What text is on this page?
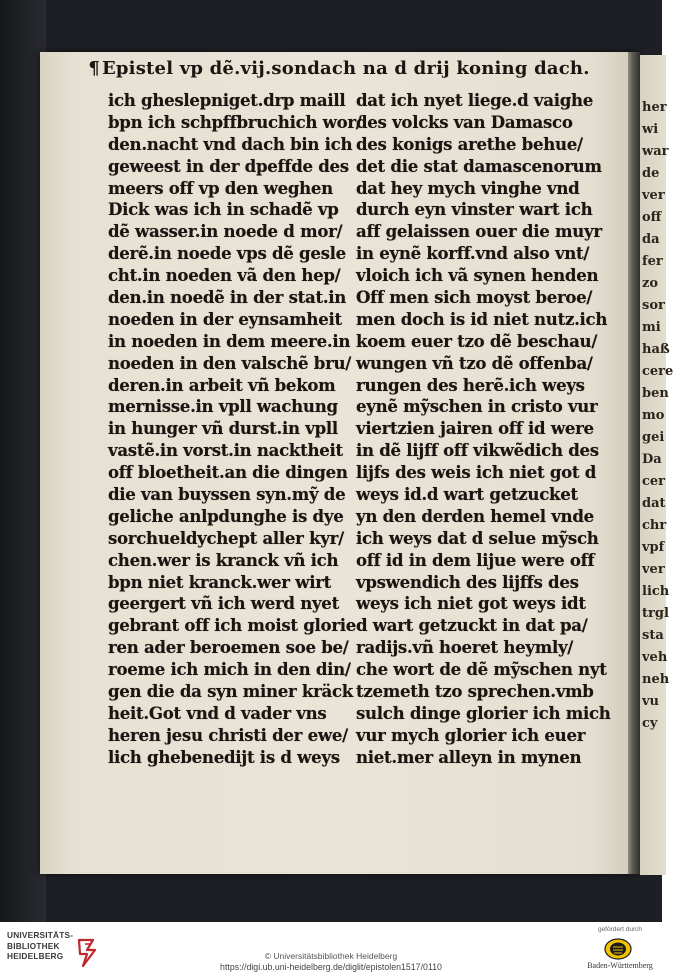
¶ Epistel vp dẽ.vij.sondach na d drij koning dach.
ich gheslepniget.drp maill
bpn ich schpffbruchich wor/
den.nacht vnd dach bin ich
geweest in der dpeffde des
meers off vp den weghen
Dick was ich in schadẽ vp
dẽ wasser.in noede d mor/
derẽ.in noede vps dẽ gesle
cht.in noeden vã den hep/
den.in noedẽ in der stat.in
noeden in der eynsamheit
in noeden in dem meere.in
noeden in den valschẽ bru/
deren.in arbeit vñ bekom
mernisse.in vpll wachung
in hunger vñ durst.in vpll
vastẽ.in vorst.in nacktheit
off bloetheit.an die dingen
die van buyssen syn.mỹ de
geliche anlpdunghe is dye
sorchueldychept aller kyr/
chen.wer is kranck vñ ich
bpn niet kranck.wer wirt
geergert vñ ich werd nyet
gebrant off ich moist glorie
ren ader beroemen soe be/
roeme ich mich in den din/
gen die da syn miner kräck
heit.Got vnd d vader vns
heren jesu christi der ewe/
lich ghebenedijt is d weys
dat ich nyet liege.d vaighe
des volcks van Damasco
des konigs arethe behue/
det die stat damascenorum
dat hey mych vinghe vnd
durch eyn vinster wart ich
aff gelaissen ouer die muyr
in eynẽ korff.vnd also vnt/
vloich ich vã synen henden
Off men sich moyst beroe/
men doch is id niet nutz.ich
koem euer tzo dẽ beschau/
wungen vñ tzo dẽ offenba/
rungen des herẽ.ich weys
eynẽ mỹschen in cristo vur
viertzien jairen off id were
in dẽ lijff off vikwẽdich des
lijfs des weis ich niet got d
weys id.d wart getzucket
yn den derden hemel vnde
ich weys dat d selue mỹsch
off id in dem lijue were off
vpswendich des lijffs des
weys ich niet got weys idt
d wart getzuckt in dat pa/
radijs.vñ hoeret heymly/
che wort de dẽ mỹschen nyt
tzemeth tzo sprechen.vmb
sulch dinge glorier ich mich
vur mych glorier ich euer
niet.mer alleyn in mynen
her
wi
war
de
ver
off
da
fer
zo
sor
mi
haß
cere
ben
mo
gei
Da
cer
dat
chr
vpf
ver
lich
trgl
sta
veh
neh
vu
cy
UNIVERSITÄTS-
BIBLIOTHEK
HEIDELBERG	© Universitätsbibliothek Heidelberg
https://digi.ub.uni-heidelberg.de/diglit/epistolen1517/0110
gefördert durch
Baden-Württemberg
